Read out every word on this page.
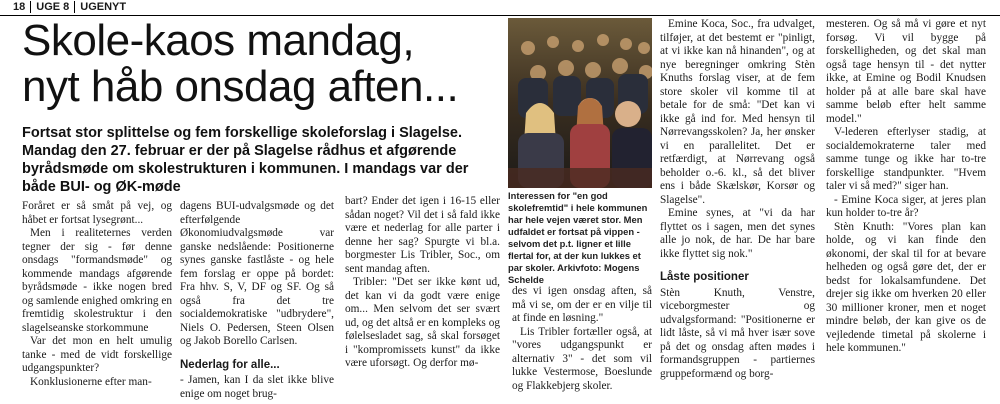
18	UGE 8	UGENYT
Skole-kaos mandag,
nyt håb onsdag aften...
Fortsat stor splittelse og fem forskellige skoleforslag i Slagelse. Mandag den 27. februar er der på Slagelse rådhus et afgørende byrådsmøde om skolestrukturen i kommunen. I mandags var der både BUI- og ØK-møde

Foråret er så småt på vej, og håbet er fortsat lysegrønt...

Men i realiteternes verden tegner der sig - før denne onsdags "formandsmøde" og kommende mandags afgørende byrådsmøde - ikke nogen bred og samlende enighed omkring en fremtidig skolestruktur i den slagelseanske storkommune

Var det mon en helt umulig tanke - med de vidt forskellige udgangspunkter?

Konklusionerne efter man-

dagens BUI-udvalgsmøde og det efterfølgende Økonomiudvalgsmøde var ganske nedslående: Positionerne synes ganske fastlåste - og hele fem forslag er oppe på bordet: Fra hhv. S, V, DF og SF. Og så også fra det tre socialdemokratiske "udbrydere", Niels O. Pedersen, Steen Olsen og Jakob Borello Carlsen.

Nederlag for alle...

- Jamen, kan I da slet ikke blive enige om noget brug-

bart? Ender det igen i 16-15 eller sådan noget? Vil det i så fald ikke være et nederlag for alle parter i denne her sag? Spurgte vi bl.a. borgmester Lis Tribler, Soc., om sent mandag aften.

Tribler: "Det ser ikke kønt ud, det kan vi da godt være enige om... Men selvom det ser svært ud, og det altså er en kompleks og følelsesladet sag, så skal forsøget i "kompromissets kunst" da ikke være uforsøgt. Og derfor mø-

Interessen for "en god skolefremtid" i hele kommunen har hele vejen været stor. Men udfaldet er fortsat på vippen - selvom det p.t. ligner et lille flertal for, at der kun lukkes et par skoler. Arkivfoto: Mogens Schelde

des vi igen onsdag aften, så må vi se, om der er en vilje til at finde en løsning."

Lis Tribler fortæller også, at "vores udgangspunkt er alternativ 3" - det som vil lukke Vestermose, Boeslunde og Flakkebjerg skoler.

Emine Koca, Soc., fra udvalget, tilføjer, at det bestemt er "pinligt, at vi ikke kan nå hinanden", og at nye beregninger omkring Stèn Knuths forslag viser, at de fem store skoler vil komme til at betale for de små: "Det kan vi ikke gå ind for. Med hensyn til Nørrevangsskolen? Ja, her ønsker vi en parallelitet. Det er retfærdigt, at Nørrevang også beholder o.-6. kl., så det bliver ens i både Skælskør, Korsør og Slagelse".

Emine synes, at "vi da har flyttet os i sagen, men det synes alle jo nok, de har. De har bare ikke flyttet sig nok."

Låste positioner

Stèn Knuth, Venstre, viceborgmester og udvalgsformand: "Positionerne er lidt låste, så vi må hver især sove på det og onsdag aften mødes i formandsgruppen - partiernes gruppeformænd og borg-

mesteren. Og så må vi gøre et nyt forsøg. Vi vil bygge på forskelligheden, og det skal man også tage hensyn til - det nytter ikke, at Emine og Bodil Knudsen holder på at alle bare skal have samme beløb efter helt samme model."

V-lederen efterlyser stadig, at socialdemokraterne taler med samme tunge og ikke har to-tre forskellige standpunkter. "Hvem taler vi så med?" siger han.

- Emine Koca siger, at jeres plan kun holder to-tre år?

Stèn Knuth: "Vores plan kan holde, og vi kan finde den økonomi, der skal til for at bevare helheden og også gøre det, der er bedst for lokalsamfundene. Det drejer sig ikke om hverken 20 eller 30 millioner kroner, men et noget mindre beløb, der kan give os de vejledende timetal på skolerne i hele kommunen."
